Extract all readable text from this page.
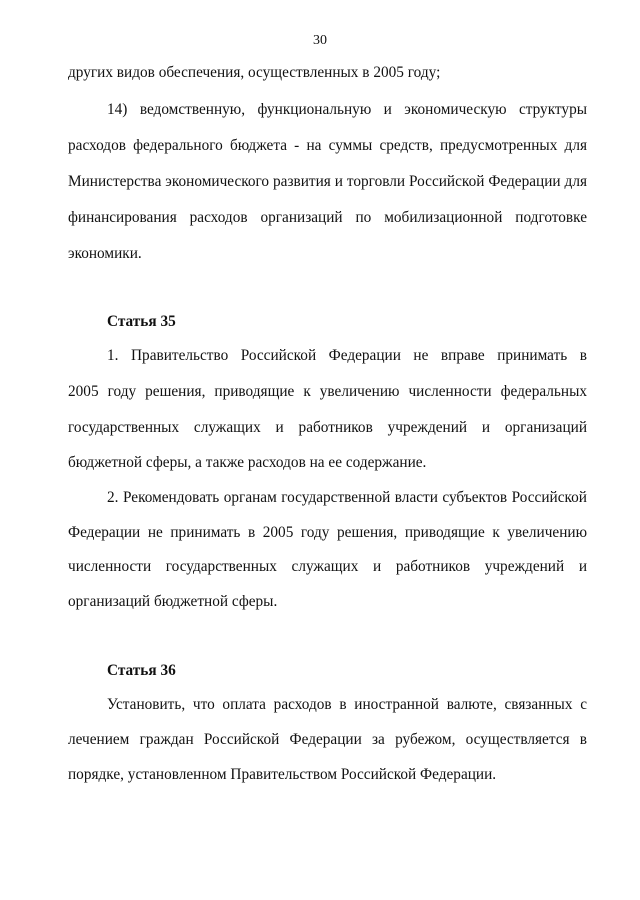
30
других видов обеспечения, осуществленных в 2005 году;
14) ведомственную, функциональную и экономическую структуры
расходов федерального бюджета - на суммы средств, предусмотренных для
Министерства экономического развития и торговли Российской Федерации для
финансирования расходов организаций по мобилизационной подготовке
экономики.
Статья 35
1. Правительство Российской Федерации не вправе принимать в
2005 году решения, приводящие к увеличению численности федеральных
государственных служащих и работников учреждений и организаций
бюджетной сферы, а также расходов на ее содержание.
2. Рекомендовать органам государственной власти субъектов Российской
Федерации не принимать в 2005 году решения, приводящие к увеличению
численности государственных служащих и работников учреждений и
организаций бюджетной сферы.
Статья 36
Установить, что оплата расходов в иностранной валюте, связанных с
лечением граждан Российской Федерации за рубежом, осуществляется в
порядке, установленном Правительством Российской Федерации.
